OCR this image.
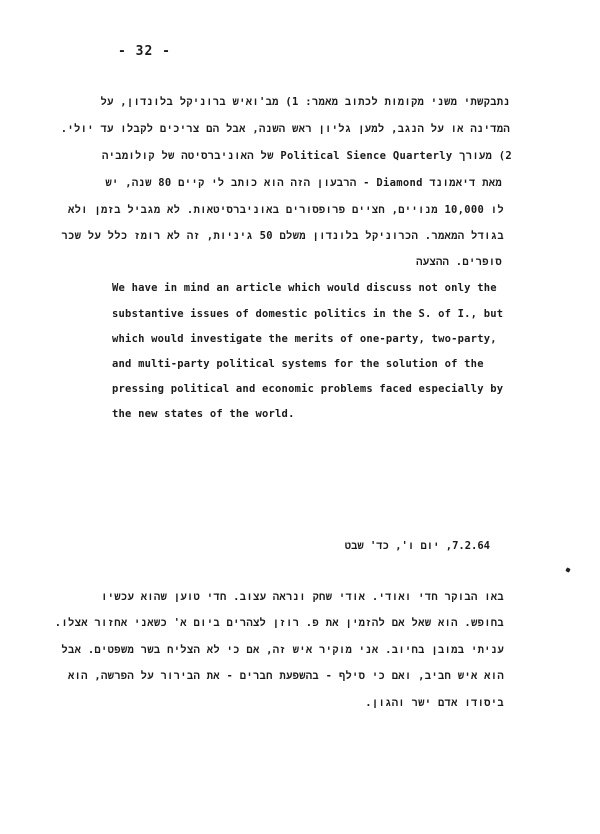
- 32 -
נתבקשתי משני מקומות לכתוב מאמר: 1) מב'ואיש ברוניקל בלונדון, על
המדינה או על הנגב, למען גליון ראש השנה, אבל הם צריכים לקבלו עד יולי.
2) מעורך Political Sience Quarterly של האוניברסיטה של קולומביה
מאת דיאמונד Diamond - הרבעון הזה הוא כותב לי קיים 80 שנה, יש
לו 10,000 מנויים, חציים פרופסורים באוניברסיטאות. לא מגביל בזמן ולא
בגודל המאמר. הכרוניקל בלונדון משלם 50 גיניות, זה לא רומז כלל על שכר
סופרים. ההצעה
We have in mind an article which would discuss not only the
substantive issues of domestic politics in the S. of I., but
which would investigate the merits of one-party, two-party,
and multi-party political systems for the solution of the
pressing political and economic problems faced especially by
the new states of the world.
7.2.64, יום ו', כד' שבט
באו הבוקר חדי ואודי. אודי שחק ונראה עצוב. חדי טוען שהוא עכשיו
בחופש. הוא שאל אם להזמין את פ. רוזן לצהרים ביום א' כשאני אחזור אצלו.
עניתי במובן בחיוב. אני מוקיר איש זה, אם כי לא הצליח בשר משפטים. אבל
הוא איש חביב, ואם כי סילף - בהשפעת חברים - את הבירור על הפרשה, הוא
ביסודו אדם ישר והגון.
